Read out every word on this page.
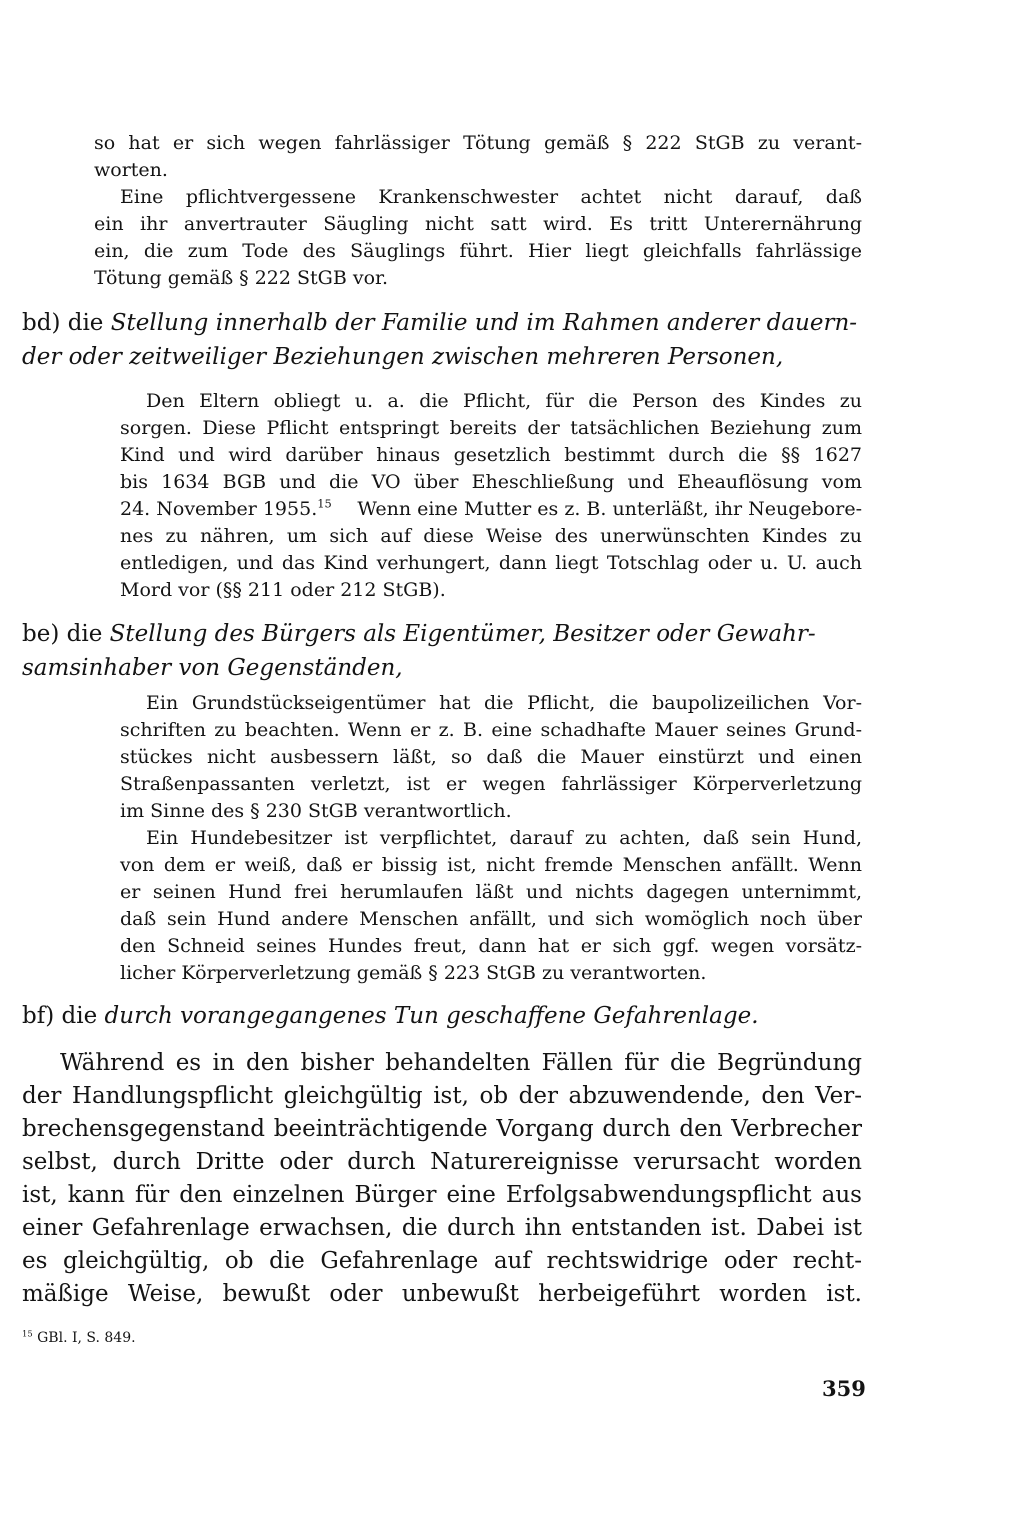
so hat er sich wegen fahrlässiger Tötung gemäß § 222 StGB zu verant-
worten.
Eine pflichtvergessene Krankenschwester achtet nicht darauf, daß
ein ihr anvertrauter Säugling nicht satt wird. Es tritt Unterernährung
ein, die zum Tode des Säuglings führt. Hier liegt gleichfalls fahrlässige
Tötung gemäß § 222 StGB vor.
bd) die Stellung innerhalb der Familie und im Rahmen anderer dauern-
der oder zeitweiliger Beziehungen zwischen mehreren Personen,
Den Eltern obliegt u. a. die Pflicht, für die Person des Kindes zu
sorgen. Diese Pflicht entspringt bereits der tatsächlichen Beziehung zum
Kind und wird darüber hinaus gesetzlich bestimmt durch die §§ 1627
bis 1634 BGB und die VO über Eheschließung und Eheauflösung vom
24. November 1955.15 Wenn eine Mutter es z. B. unterläßt, ihr Neugebore-
nes zu nähren, um sich auf diese Weise des unerwünschten Kindes zu
entledigen, und das Kind verhungert, dann liegt Totschlag oder u. U. auch
Mord vor (§§ 211 oder 212 StGB).
be) die Stellung des Bürgers als Eigentümer, Besitzer oder Gewahr-
samsinhaber von Gegenständen,
Ein Grundstückseigentümer hat die Pflicht, die baupolizeilichen Vor-
schriften zu beachten. Wenn er z. B. eine schadhafte Mauer seines Grund-
stückes nicht ausbessern läßt, so daß die Mauer einstürzt und einen
Straßenpassanten verletzt, ist er wegen fahrlässiger Körperverletzung
im Sinne des § 230 StGB verantwortlich.
Ein Hundebesitzer ist verpflichtet, darauf zu achten, daß sein Hund,
von dem er weiß, daß er bissig ist, nicht fremde Menschen anfällt. Wenn
er seinen Hund frei herumlaufen läßt und nichts dagegen unternimmt,
daß sein Hund andere Menschen anfällt, und sich womöglich noch über
den Schneid seines Hundes freut, dann hat er sich ggf. wegen vorsätz-
licher Körperverletzung gemäß § 223 StGB zu verantworten.
bf) die durch vorangegangenes Tun geschaffene Gefahrenlage.
Während es in den bisher behandelten Fällen für die Begründung
der Handlungspflicht gleichgültig ist, ob der abzuwendende, den Ver-
brechensgegenstand beeinträchtigende Vorgang durch den Verbrecher
selbst, durch Dritte oder durch Naturereignisse verursacht worden
ist, kann für den einzelnen Bürger eine Erfolgsabwendungspflicht aus
einer Gefahrenlage erwachsen, die durch ihn entstanden ist. Dabei ist
es gleichgültig, ob die Gefahrenlage auf rechtswidrige oder recht-
mäßige Weise, bewußt oder unbewußt herbeigeführt worden ist.
$^{15}$ GBl. I, S. 849.
359
